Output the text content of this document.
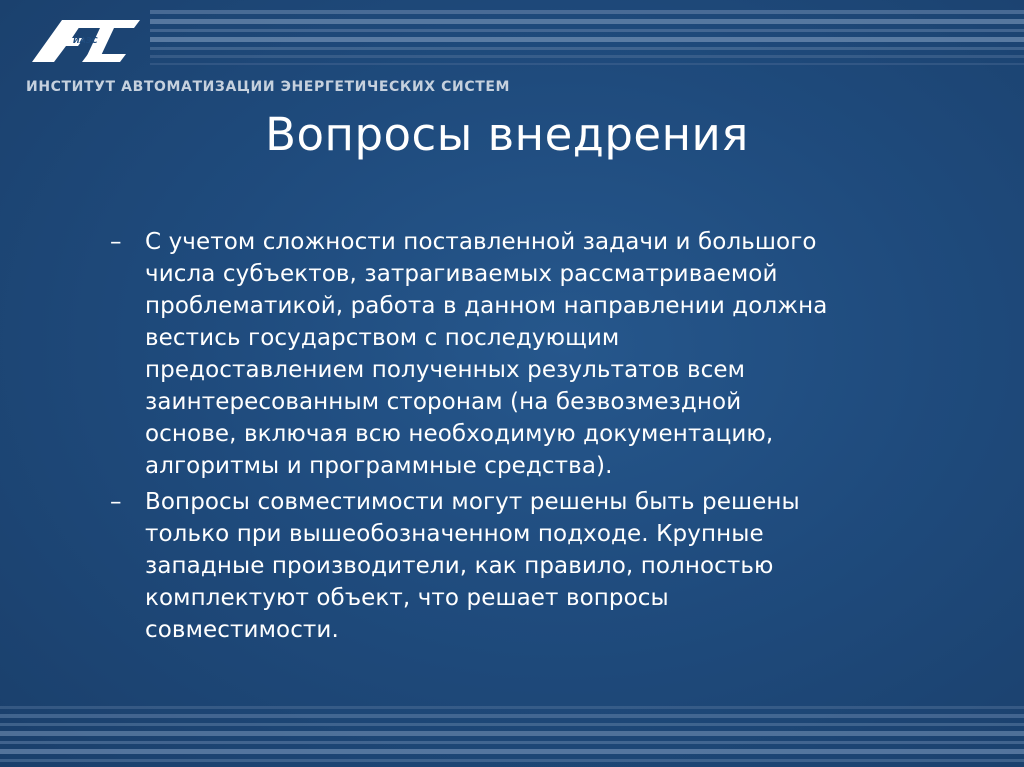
ИАЭС
ИНСТИТУТ АВТОМАТИЗАЦИИ ЭНЕРГЕТИЧЕСКИХ СИСТЕМ
Вопросы внедрения
– С учетом сложности поставленной задачи и большого
числа субъектов, затрагиваемых рассматриваемой
проблематикой, работа в данном направлении должна
вестись государством с последующим
предоставлением полученных результатов всем
заинтересованным сторонам (на безвозмездной
основе, включая всю необходимую документацию,
алгоритмы и программные средства).
– Вопросы совместимости могут решены быть решены
только при вышеобозначенном подходе. Крупные
западные производители, как правило, полностью
комплектуют объект, что решает вопросы
совместимости.
